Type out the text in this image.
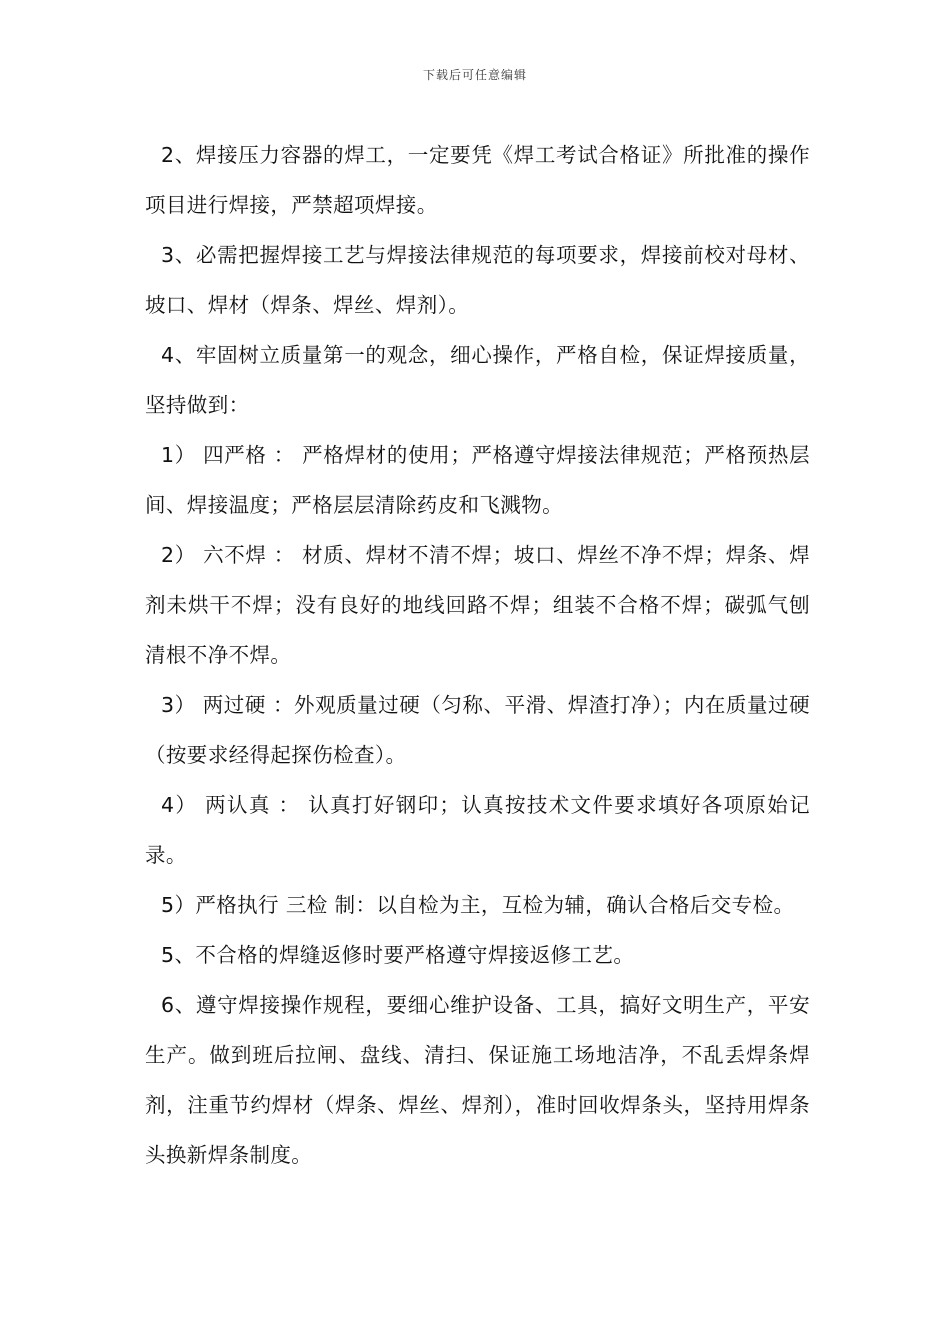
下载后可任意编辑

2、焊接压力容器的焊工，一定要凭《焊工考试合格证》所批准的操作项目进行焊接，严禁超项焊接。

3、必需把握焊接工艺与焊接法律规范的每项要求，焊接前校对母材、坡口、焊材（焊条、焊丝、焊剂）。

4、牢固树立质量第一的观念，细心操作，严格自检，保证焊接质量，坚持做到：

1） 四严格 ： 严格焊材的使用；严格遵守焊接法律规范；严格预热层间、焊接温度；严格层层清除药皮和飞溅物。

2） 六不焊 ： 材质、焊材不清不焊；坡口、焊丝不净不焊；焊条、焊剂未烘干不焊；没有良好的地线回路不焊；组装不合格不焊；碳弧气刨清根不净不焊。

3） 两过硬 ：外观质量过硬（匀称、平滑、焊渣打净）；内在质量过硬（按要求经得起探伤检查）。

4） 两认真 ： 认真打好钢印；认真按技术文件要求填好各项原始记录。

5）严格执行 三检 制：以自检为主，互检为辅，确认合格后交专检。

5、不合格的焊缝返修时要严格遵守焊接返修工艺。

6、遵守焊接操作规程，要细心维护设备、工具，搞好文明生产，平安生产。做到班后拉闸、盘线、清扫、保证施工场地洁净，不乱丢焊条焊剂，注重节约焊材（焊条、焊丝、焊剂），准时回收焊条头，坚持用焊条头换新焊条制度。
